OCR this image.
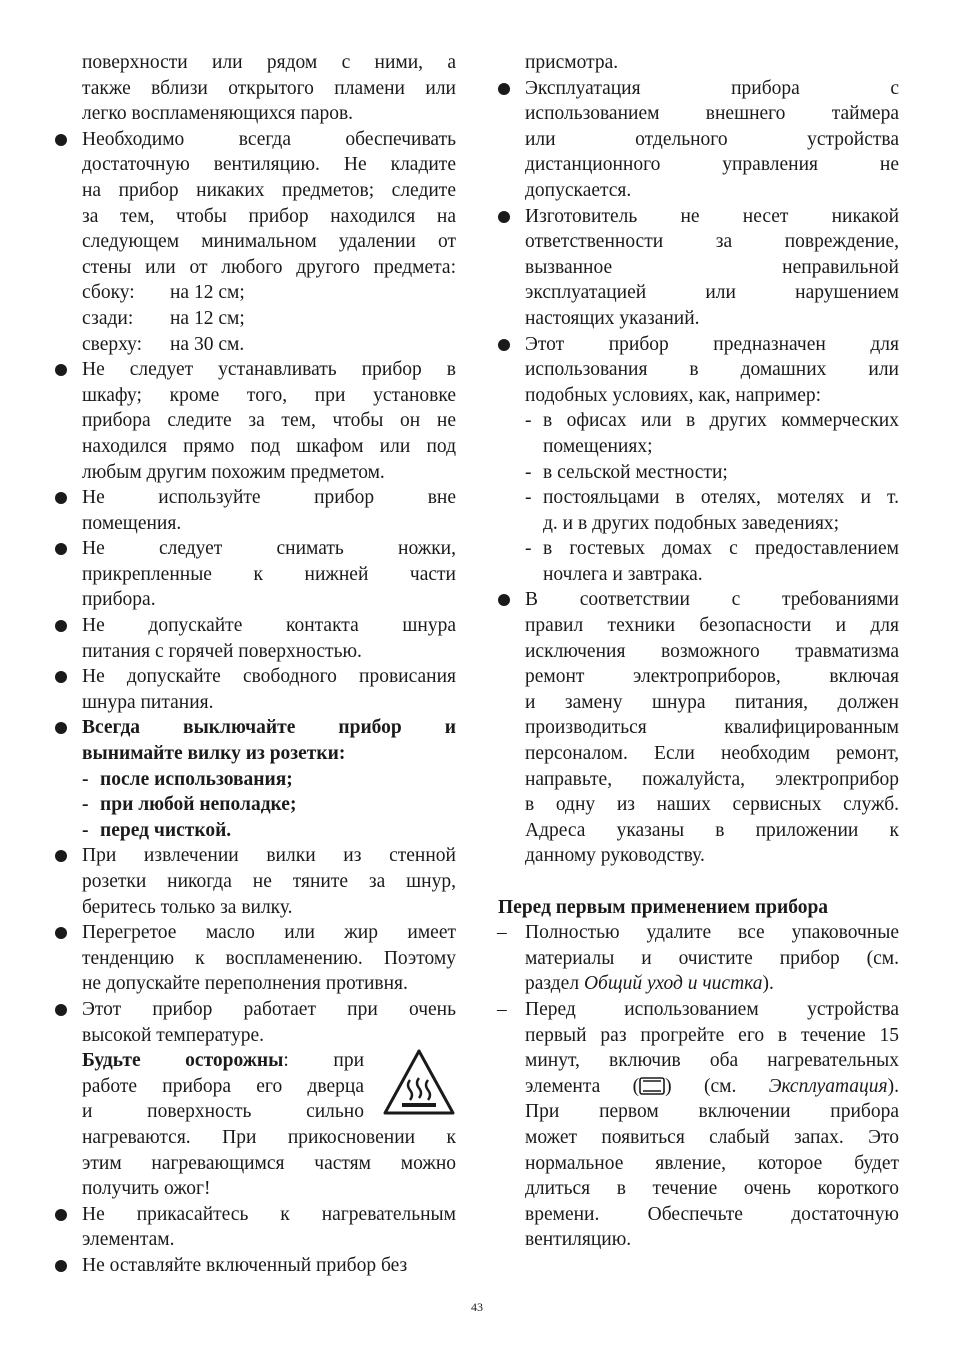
поверхности или рядом с ними, а
также вблизи открытого пламени или
легко воспламеняющихся паров.
Необходимо всегда обеспечивать
достаточную вентиляцию. Не кладите
на прибор никаких предметов; следите
за тем, чтобы прибор находился на
следующем минимальном удалении от
стены или от любого другого предмета:
сбоку:	на 12 см;
сзади:	на 12 см;
сверху:	на 30 см.
Не следует устанавливать прибор в
шкафу; кроме того, при установке
прибора следите за тем, чтобы он не
находился прямо под шкафом или под
любым другим похожим предметом.
Не используйте прибор вне
помещения.
Не следует снимать ножки,
прикрепленные к нижней части
прибора.
Не допускайте контакта шнура
питания с горячей поверхностью.
Не допускайте свободного провисания
шнура питания.
Всегда выключайте прибор и
вынимайте вилку из розетки:
- после использования;
- при любой неполадке;
- перед чисткой.
При извлечении вилки из стенной
розетки никогда не тяните за шнур,
беритесь только за вилку.
Перегретое масло или жир имеет
тенденцию к воспламенению. Поэтому
не допускайте переполнения противня.
Этот прибор работает при очень
высокой температуре.
Будьте осторожны: при
работе прибора его дверца
и поверхность сильно
нагреваются. При прикосновении к
этим нагревающимся частям можно
получить ожог!
Не прикасайтесь к нагревательным
элементам.
Не оставляйте включенный прибор без
присмотра.
Эксплуатация прибора с
использованием внешнего таймера
или отдельного устройства
дистанционного управления не
допускается.
Изготовитель не несет никакой
ответственности за повреждение,
вызванное неправильной
эксплуатацией или нарушением
настоящих указаний.
Этот прибор предназначен для
использования в домашних или
подобных условиях, как, например:
- в офисах или в других коммерческих
помещениях;
- в сельской местности;
- постояльцами в отелях, мотелях и т.
д. и в других подобных заведениях;
- в гостевых домах с предоставлением
ночлега и завтрака.
В соответствии с требованиями
правил техники безопасности и для
исключения возможного травматизма
ремонт электроприборов, включая
и замену шнура питания, должен
производиться квалифицированным
персоналом. Если необходим ремонт,
направьте, пожалуйста, электроприбор
в одну из наших сервисных служб.
Адреса указаны в приложении к
данному руководству.
Перед первым применением прибора
– Полностью удалите все упаковочные
материалы и очистите прибор (см.
раздел Общий уход и чистка).
– Перед использованием устройства
первый раз прогрейте его в течение 15
минут, включив оба нагревательных
элемента ( ) (см. Эксплуатация).
При первом включении прибора
может появиться слабый запах. Это
нормальное явление, которое будет
длиться в течение очень короткого
времени. Обеспечьте достаточную
вентиляцию.
43
